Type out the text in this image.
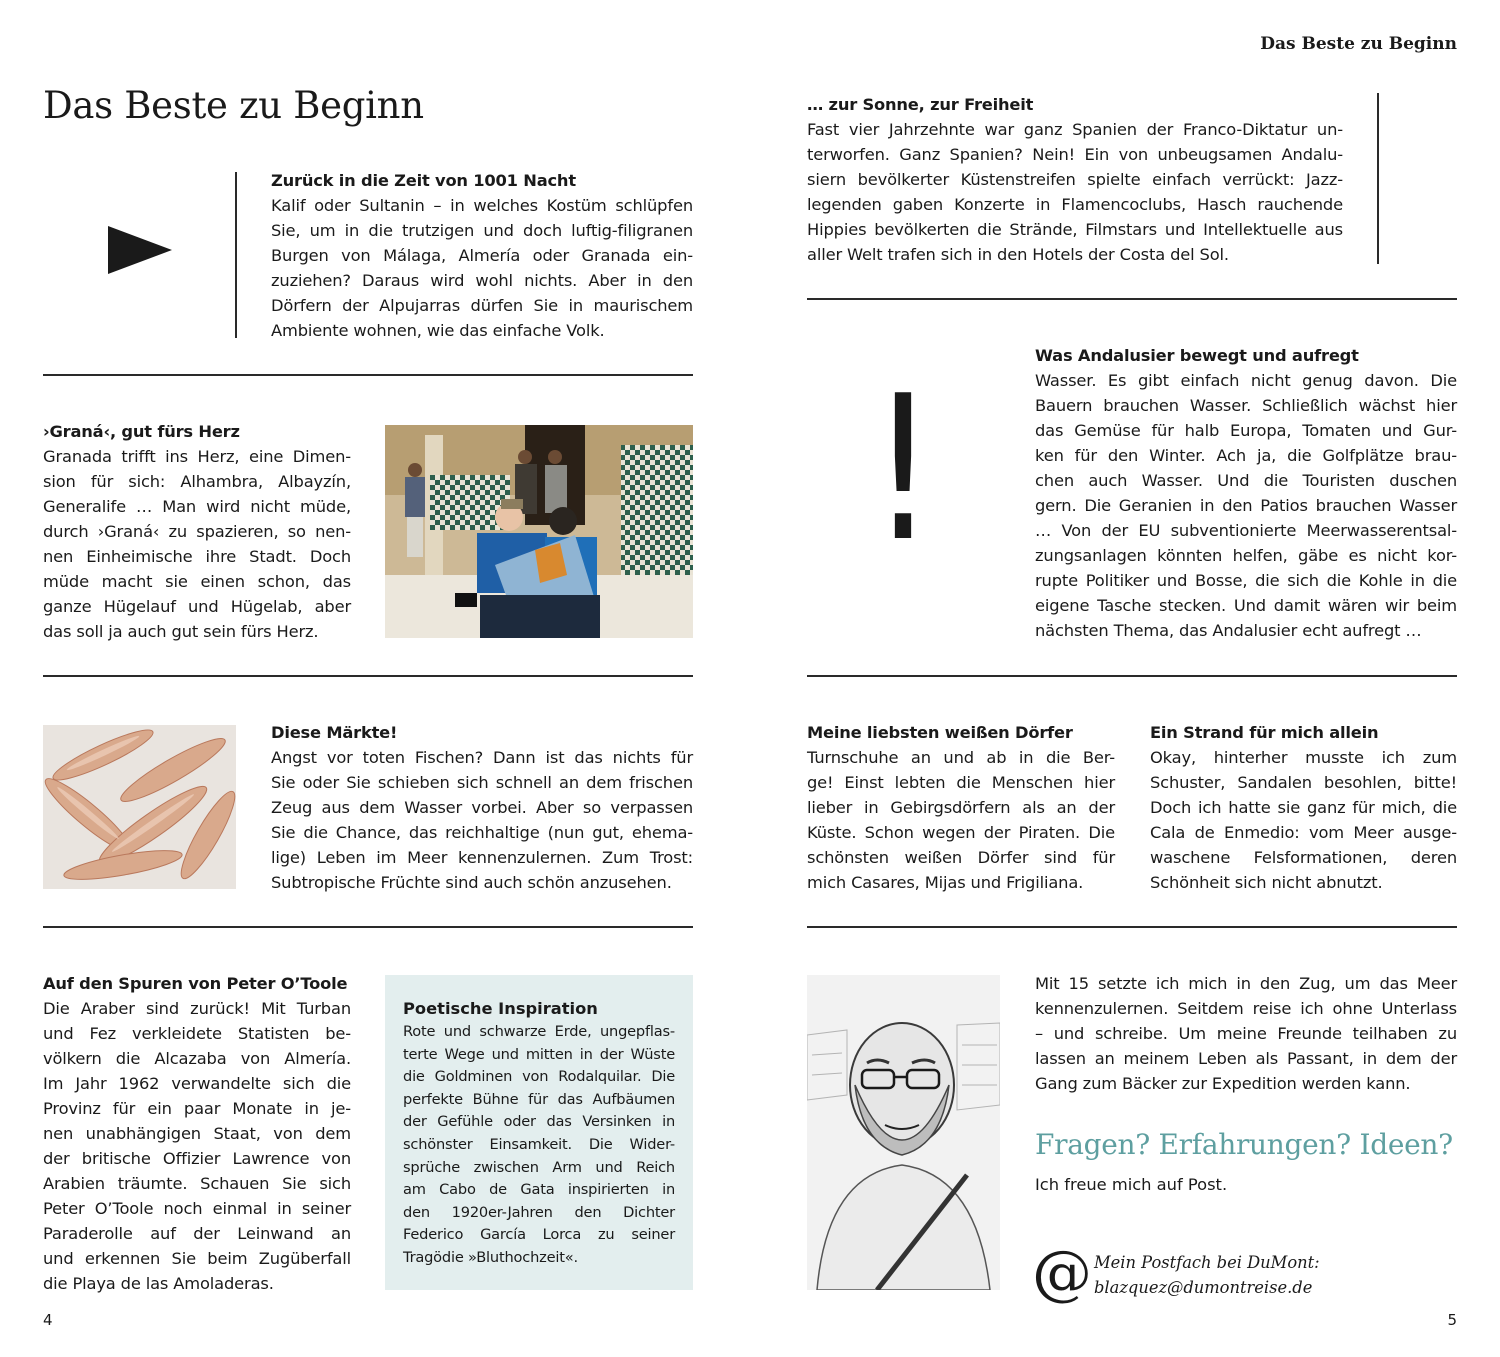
Das Beste zu Beginn
Das Beste zu Beginn
Zurück in die Zeit von 1001 Nacht

Kalif oder Sultanin – in welches Kostüm schlüpfen
Sie, um in die trutzigen und doch luftig-filigranen
Burgen von Málaga, Almería oder Granada ein-
zuziehen? Daraus wird wohl nichts. Aber in den
Dörfern der Alpujarras dürfen Sie in maurischem
Ambiente wohnen, wie das einfache Volk.

›Graná‹, gut fürs Herz

Granada trifft ins Herz, eine Dimen-
sion für sich: Alhambra, Albayzín,
Generalife … Man wird nicht müde,
durch ›Graná‹ zu spazieren, so nen-
nen Einheimische ihre Stadt. Doch
müde macht sie einen schon, das
ganze Hügelauf und Hügelab, aber
das soll ja auch gut sein fürs Herz.

Diese Märkte!

Angst vor toten Fischen? Dann ist das nichts für
Sie oder Sie schieben sich schnell an dem frischen
Zeug aus dem Wasser vorbei. Aber so verpassen
Sie die Chance, das reichhaltige (nun gut, ehema-
lige) Leben im Meer kennenzulernen. Zum Trost:
Subtropische Früchte sind auch schön anzusehen.

Auf den Spuren von Peter O’Toole

Die Araber sind zurück! Mit Turban
und Fez verkleidete Statisten be-
völkern die Alcazaba von Almería.
Im Jahr 1962 verwandelte sich die
Provinz für ein paar Monate in je-
nen unabhängigen Staat, von dem
der britische Offizier Lawrence von
Arabien träumte. Schauen Sie sich
Peter O’Toole noch einmal in seiner
Paraderolle auf der Leinwand an
und erkennen Sie beim Zugüberfall
die Playa de las Amoladeras.

Poetische Inspiration

Rote und schwarze Erde, ungepflas-
terte Wege und mitten in der Wüste
die Goldminen von Rodalquilar. Die
perfekte Bühne für das Aufbäumen
der Gefühle oder das Versinken in
schönster Einsamkeit. Die Wider-
sprüche zwischen Arm und Reich
am Cabo de Gata inspirierten in
den 1920er-Jahren den Dichter
Federico García Lorca zu seiner
Tragödie »Bluthochzeit«.

4
… zur Sonne, zur Freiheit

Fast vier Jahrzehnte war ganz Spanien der Franco-Diktatur un-
terworfen. Ganz Spanien? Nein! Ein von unbeugsamen Andalu-
siern bevölkerter Küstenstreifen spielte einfach verrückt: Jazz-
legenden gaben Konzerte in Flamencoclubs, Hasch rauchende
Hippies bevölkerten die Strände, Filmstars und Intellektuelle aus
aller Welt trafen sich in den Hotels der Costa del Sol.

!	Was Andalusier bewegt und aufregt

Wasser. Es gibt einfach nicht genug davon. Die
Bauern brauchen Wasser. Schließlich wächst hier
das Gemüse für halb Europa, Tomaten und Gur-
ken für den Winter. Ach ja, die Golfplätze brau-
chen auch Wasser. Und die Touristen duschen
gern. Die Geranien in den Patios brauchen Wasser
… Von der EU subventionierte Meerwasserentsal-
zungsanlagen könnten helfen, gäbe es nicht kor-
rupte Politiker und Bosse, die sich die Kohle in die
eigene Tasche stecken. Und damit wären wir beim
nächsten Thema, das Andalusier echt aufregt …

Meine liebsten weißen Dörfer

Turnschuhe an und ab in die Ber-
ge! Einst lebten die Menschen hier
lieber in Gebirgsdörfern als an der
Küste. Schon wegen der Piraten. Die
schönsten weißen Dörfer sind für
mich Casares, Mijas und Frigiliana.

Ein Strand für mich allein

Okay, hinterher musste ich zum
Schuster, Sandalen besohlen, bitte!
Doch ich hatte sie ganz für mich, die
Cala de Enmedio: vom Meer ausge-
waschene Felsformationen, deren
Schönheit sich nicht abnutzt.

Mit 15 setzte ich mich in den Zug, um das Meer
kennenzulernen. Seitdem reise ich ohne Unterlass
– und schreibe. Um meine Freunde teilhaben zu
lassen an meinem Leben als Passant, in dem der
Gang zum Bäcker zur Expedition werden kann.

Fragen? Erfahrungen? Ideen?
Ich freue mich auf Post.
@ Mein Postfach bei DuMont:
blazquez@dumontreise.de
5
